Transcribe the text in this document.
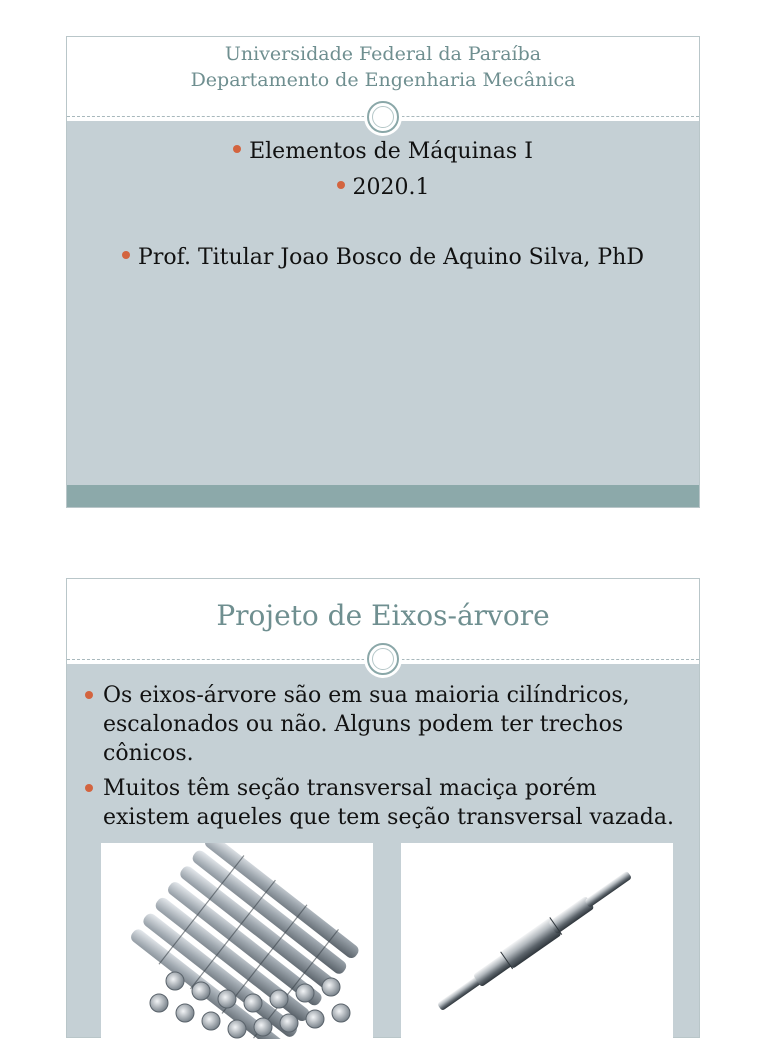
Universidade Federal da Paraíba
Departamento de Engenharia Mecânica
Elementos de Máquinas I
2020.1
Prof. Titular Joao Bosco de Aquino Silva, PhD
Projeto de Eixos-árvore
Os eixos-árvore são em sua maioria cilíndricos, escalonados ou não. Alguns podem ter trechos cônicos.
Muitos têm seção transversal maciça porém existem aqueles que tem seção transversal vazada.
